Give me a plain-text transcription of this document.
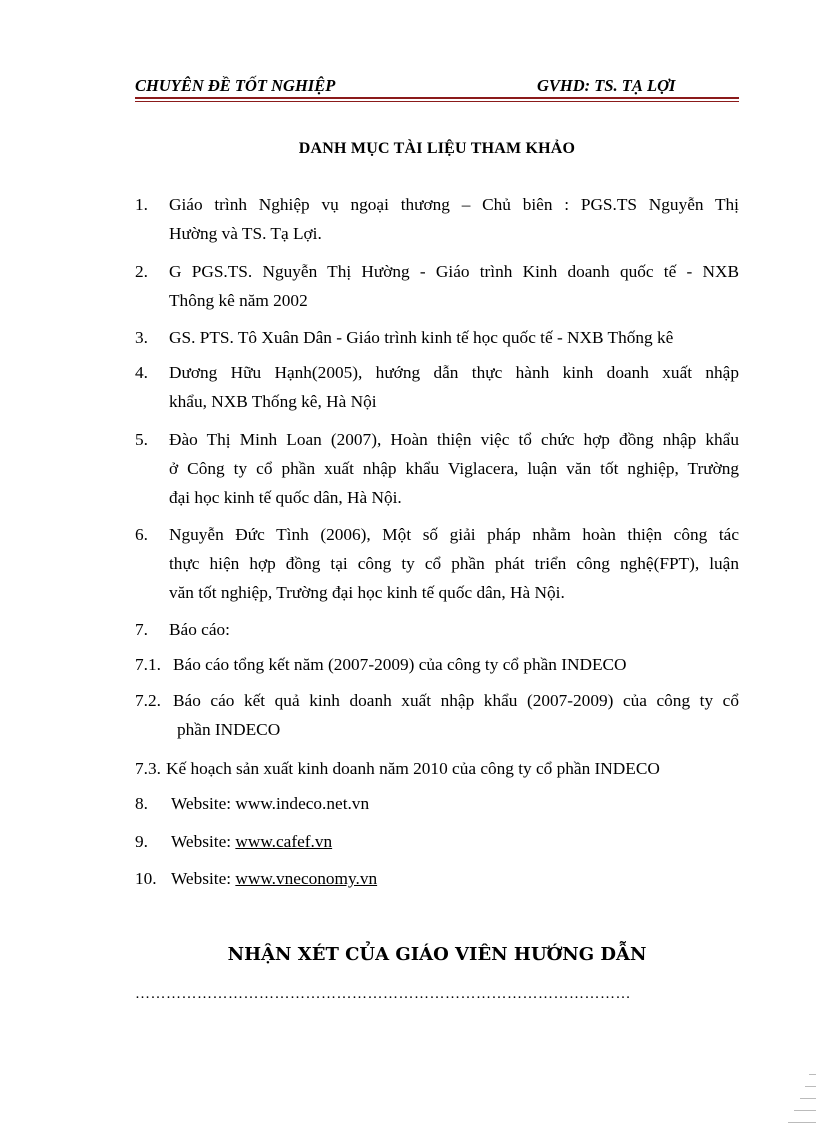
CHUYÊN ĐỀ TỐT NGHIỆP	GVHD: TS. TẠ LỢI
DANH MỤC TÀI LIỆU THAM KHẢO
1. Giáo trình Nghiệp vụ ngoại thương – Chủ biên : PGS.TS Nguyễn Thị
Hường và TS. Tạ Lợi.
2. G PGS.TS. Nguyễn Thị Hường - Giáo trình Kinh doanh quốc tế - NXB
Thông kê năm 2002
3. GS. PTS. Tô Xuân Dân - Giáo trình kinh tế học quốc tế - NXB Thống kê
4. Dương Hữu Hạnh(2005), hướng dẫn thực hành kinh doanh xuất nhập
khẩu, NXB Thống kê, Hà Nội
5. Đào Thị Minh Loan (2007), Hoàn thiện việc tổ chức hợp đồng nhập khẩu
ở Công ty cổ phần xuất nhập khẩu Viglacera, luận văn tốt nghiệp, Trường
đại học kinh tế quốc dân, Hà Nội.
6. Nguyễn Đức Tình (2006), Một số giải pháp nhằm hoàn thiện công tác
thực hiện hợp đồng tại công ty cổ phần phát triển công nghệ(FPT), luận
văn tốt nghiệp, Trường đại học kinh tế quốc dân, Hà Nội.
7. Báo cáo:
7.1. Báo cáo tổng kết năm (2007-2009) của công ty cổ phần INDECO
7.2. Báo cáo kết quả kinh doanh xuất nhập khẩu (2007-2009) của công ty cổ
phần INDECO
7.3. Kế hoạch sản xuất kinh doanh năm 2010 của công ty cổ phần INDECO
8. Website: www.indeco.net.vn
9. Website: www.cafef.vn
10. Website: www.vneconomy.vn
NHẬN XÉT CỦA GIÁO VIÊN HƯỚNG DẪN
……………………………………………………………………………………
